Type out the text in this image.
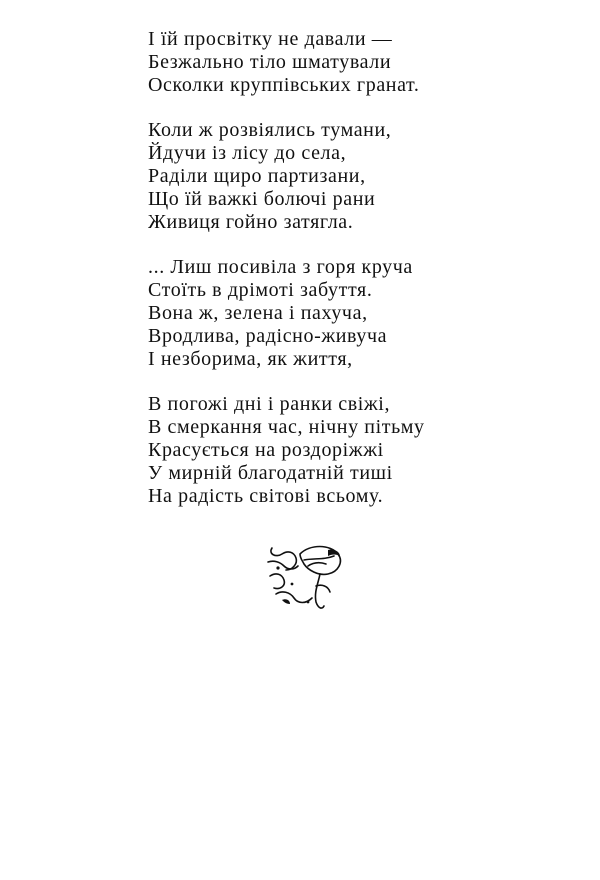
І їй просвітку не давали —
Безжально тіло шматували
Осколки круппівських гранат.
Коли ж розвіялись тумани,
Йдучи із лісу до села,
Раділи щиро партизани,
Що їй важкі болючі рани
Живиця гойно затягла.
... Лиш посивіла з горя круча
Стоїть в дрімоті забуття.
Вона ж, зелена і пахуча,
Вродлива, радісно-живуча
І незборима, як життя,
В погожі дні і ранки свіжі,
В смеркання час, нічну пітьму
Красується на роздоріжжі
У мирній благодатній тиші
На радість світові всьому.
